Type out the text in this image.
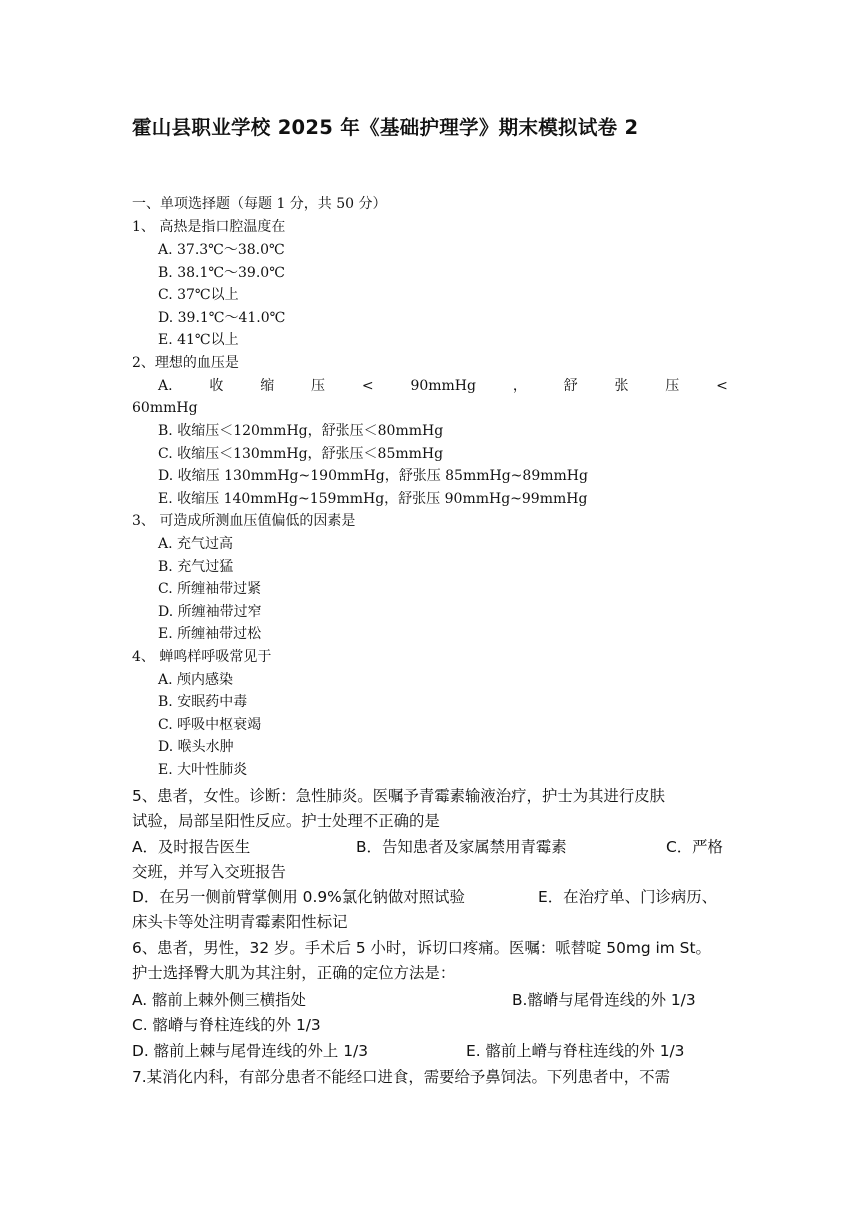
霍山县职业学校 2025 年《基础护理学》期末模拟试卷 2
一、单项选择题（每题 1 分，共 50 分）
1、 高热是指口腔温度在
A. 37.3℃～38.0℃
B. 38.1℃～39.0℃
C. 37℃以上
D. 39.1℃～41.0℃
E. 41℃以上
2、理想的血压是
A.	收	缩	压	<	90mmHg	，	舒	张	压	<
60mmHg
B. 收缩压＜120mmHg，舒张压＜80mmHg
C. 收缩压＜130mmHg，舒张压＜85mmHg
D. 收缩压 130mmHg~190mmHg，舒张压 85mmHg~89mmHg
E. 收缩压 140mmHg~159mmHg，舒张压 90mmHg~99mmHg
3、 可造成所测血压值偏低的因素是
A. 充气过高
B. 充气过猛
C. 所缠袖带过紧
D. 所缠袖带过窄
E. 所缠袖带过松
4、 蝉鸣样呼吸常见于
A. 颅内感染
B. 安眠药中毒
C. 呼吸中枢衰竭
D. 喉头水肿
E. 大叶性肺炎
5、患者，女性。诊断：急性肺炎。医嘱予青霉素输液治疗，护士为其进行皮肤
试验，局部呈阳性反应。护士处理不正确的是
A．及时报告医生	B．告知患者及家属禁用青霉素	C．严格
交班，并写入交班报告
D．在另一侧前臂掌侧用 0.9%氯化钠做对照试验	E．在治疗单、门诊病历、
床头卡等处注明青霉素阳性标记
6、患者，男性，32 岁。手术后 5 小时，诉切口疼痛。医嘱：哌替啶 50mg im St。
护士选择臀大肌为其注射，正确的定位方法是：
A. 髂前上棘外侧三横指处	B.髂嵴与尾骨连线的外 1/3
C. 髂嵴与脊柱连线的外 1/3
D. 髂前上棘与尾骨连线的外上 1/3	E. 髂前上嵴与脊柱连线的外 1/3
7.某消化内科，有部分患者不能经口进食，需要给予鼻饲法。下列患者中，不需
